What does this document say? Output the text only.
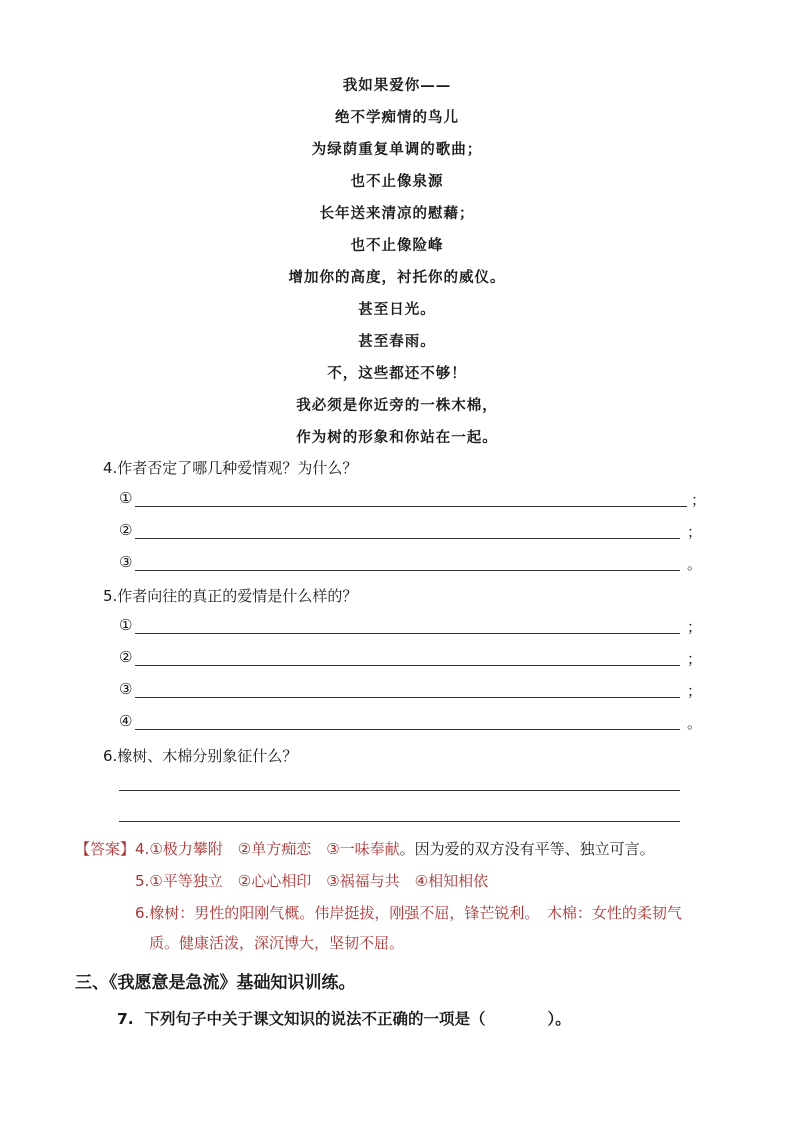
我如果爱你——
绝不学痴情的鸟儿
为绿荫重复单调的歌曲；
也不止像泉源
长年送来清凉的慰藉；
也不止像险峰
增加你的高度，衬托你的威仪。
甚至日光。
甚至春雨。
不，这些都还不够！
我必须是你近旁的一株木棉，
作为树的形象和你站在一起。
4.作者否定了哪几种爱情观？为什么？
①	；
②	；
③	。
5.作者向往的真正的爱情是什么样的？
①	；
②	；
③	；
④	。
6.橡树、木棉分别象征什么？
【答案】4.①极力攀附　②单方痴恋　③一味奉献。因为爱的双方没有平等、独立可言。
5.①平等独立　②心心相印　③祸福与共　④相知相依
6.橡树：男性的阳刚气概。伟岸挺拔，刚强不屈，锋芒锐利。　木棉：女性的柔韧气
质。健康活泼，深沉博大，坚韧不屈。
三、《我愿意是急流》基础知识训练。
7.  下列句子中关于课文知识的说法不正确的一项是（　　　　）。
